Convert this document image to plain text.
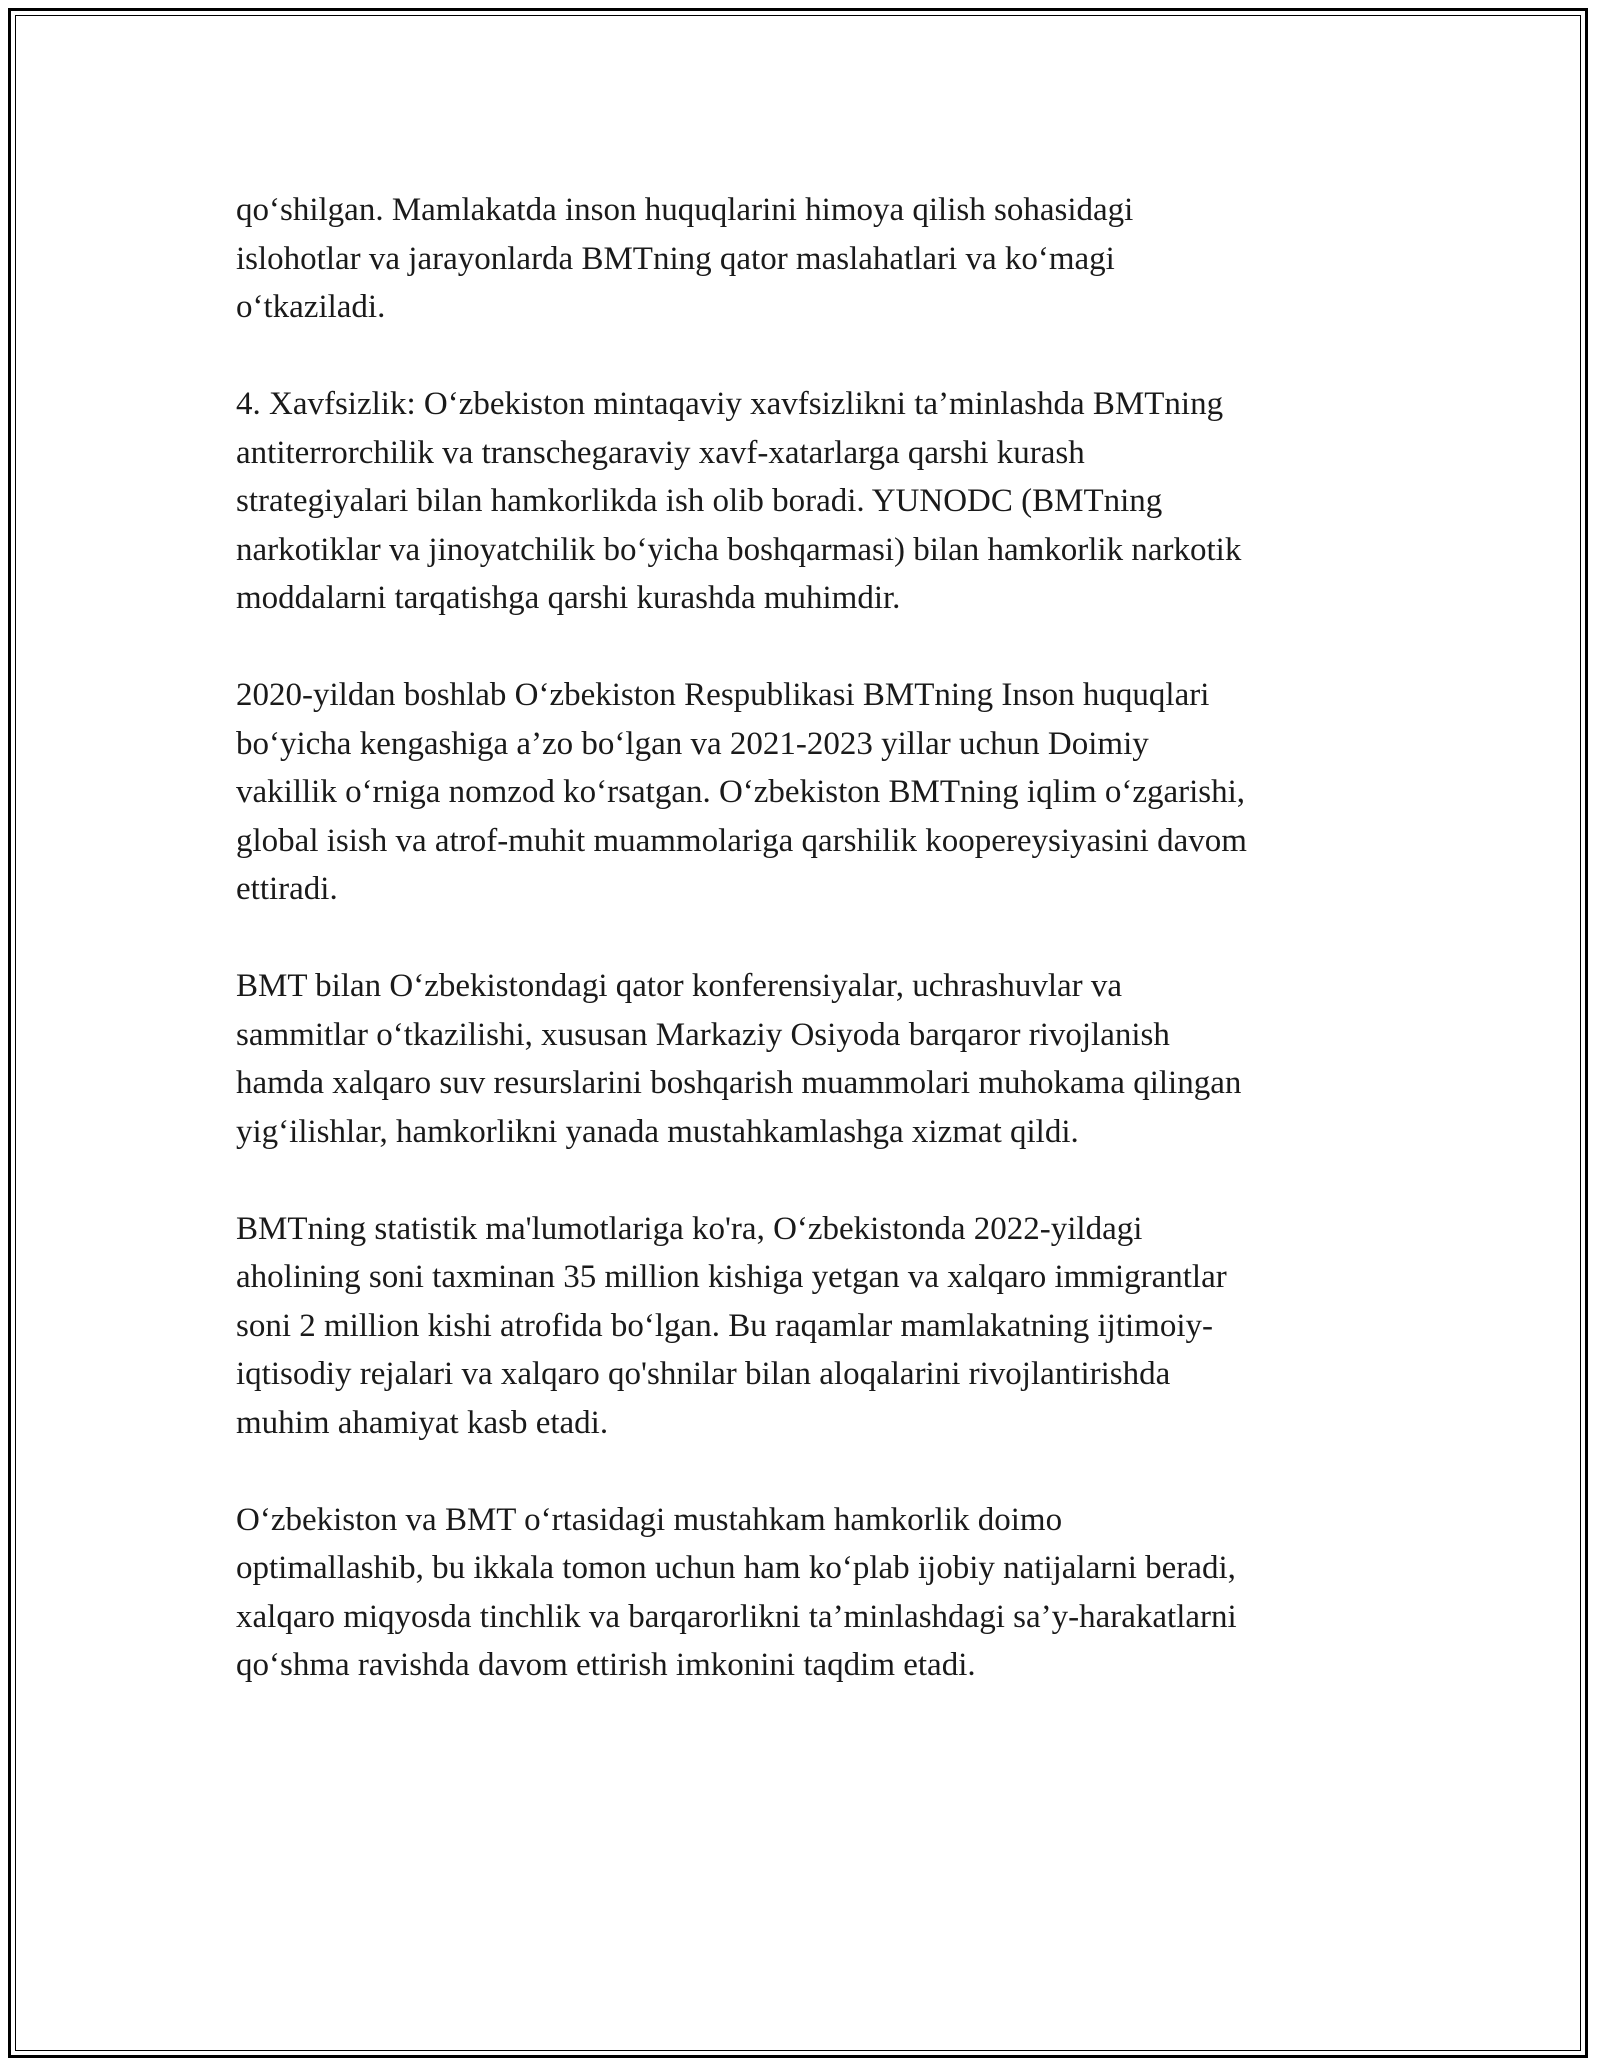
qo‘shilgan. Mamlakatda inson huquqlarini himoya qilish sohasidagi
islohotlar va jarayonlarda BMTning qator maslahatlari va ko‘magi
o‘tkaziladi.

4. Xavfsizlik: O‘zbekiston mintaqaviy xavfsizlikni ta’minlashda BMTning
antiterrorchilik va transchegaraviy xavf-xatarlarga qarshi kurash
strategiyalari bilan hamkorlikda ish olib boradi. YUNODC (BMTning
narkotiklar va jinoyatchilik bo‘yicha boshqarmasi) bilan hamkorlik narkotik
moddalarni tarqatishga qarshi kurashda muhimdir.

2020-yildan boshlab O‘zbekiston Respublikasi BMTning Inson huquqlari
bo‘yicha kengashiga a’zo bo‘lgan va 2021-2023 yillar uchun Doimiy
vakillik o‘rniga nomzod ko‘rsatgan. O‘zbekiston BMTning iqlim o‘zgarishi,
global isish va atrof-muhit muammolariga qarshilik koopereysiyasini davom
ettiradi.

BMT bilan O‘zbekistondagi qator konferensiyalar, uchrashuvlar va
sammitlar o‘tkazilishi, xususan Markaziy Osiyoda barqaror rivojlanish
hamda xalqaro suv resurslarini boshqarish muammolari muhokama qilingan
yig‘ilishlar, hamkorlikni yanada mustahkamlashga xizmat qildi.

BMTning statistik ma'lumotlariga ko'ra, O‘zbekistonda 2022-yildagi
aholining soni taxminan 35 million kishiga yetgan va xalqaro immigrantlar
soni 2 million kishi atrofida bo‘lgan. Bu raqamlar mamlakatning ijtimoiy-
iqtisodiy rejalari va xalqaro qo'shnilar bilan aloqalarini rivojlantirishda
muhim ahamiyat kasb etadi.

O‘zbekiston va BMT o‘rtasidagi mustahkam hamkorlik doimo
optimallashib, bu ikkala tomon uchun ham ko‘plab ijobiy natijalarni beradi,
xalqaro miqyosda tinchlik va barqarorlikni ta’minlashdagi sa’y-harakatlarni
qo‘shma ravishda davom ettirish imkonini taqdim etadi.
